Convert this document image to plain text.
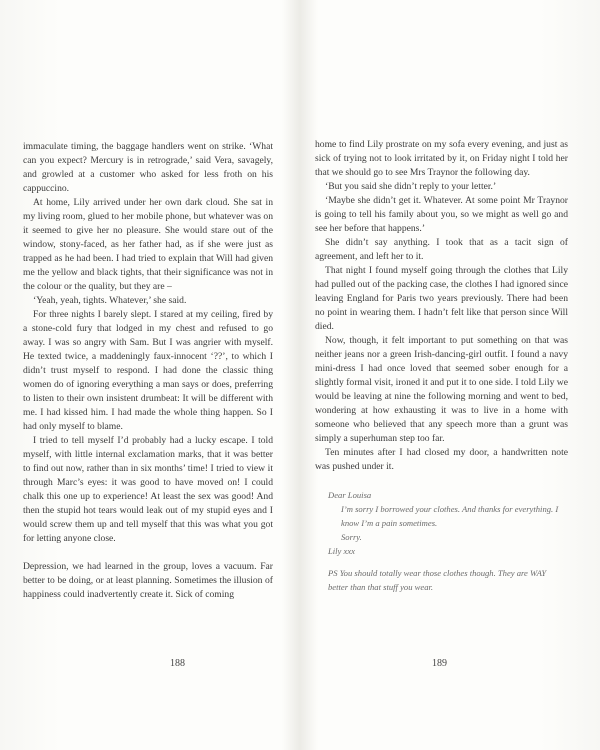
immaculate timing, the baggage handlers went on strike. ‘What can you expect? Mercury is in retrograde,’ said Vera, savagely, and growled at a customer who asked for less froth on his cappuccino.

At home, Lily arrived under her own dark cloud. She sat in my living room, glued to her mobile phone, but whatever was on it seemed to give her no pleasure. She would stare out of the window, stony-faced, as her father had, as if she were just as trapped as he had been. I had tried to explain that Will had given me the yellow and black tights, that their significance was not in the colour or the quality, but they are –

‘Yeah, yeah, tights. Whatever,’ she said.

For three nights I barely slept. I stared at my ceiling, fired by a stone-cold fury that lodged in my chest and refused to go away. I was so angry with Sam. But I was angrier with myself. He texted twice, a maddeningly faux-innocent ‘??’, to which I didn’t trust myself to respond. I had done the classic thing women do of ignoring everything a man says or does, preferring to listen to their own insistent drumbeat: It will be different with me. I had kissed him. I had made the whole thing happen. So I had only myself to blame.

I tried to tell myself I’d probably had a lucky escape. I told myself, with little internal exclamation marks, that it was better to find out now, rather than in six months’ time! I tried to view it through Marc’s eyes: it was good to have moved on! I could chalk this one up to experience! At least the sex was good! And then the stupid hot tears would leak out of my stupid eyes and I would screw them up and tell myself that this was what you got for letting anyone close.

Depression, we had learned in the group, loves a vacuum. Far better to be doing, or at least planning. Sometimes the illusion of happiness could inadvertently create it. Sick of coming

188

home to find Lily prostrate on my sofa every evening, and just as sick of trying not to look irritated by it, on Friday night I told her that we should go to see Mrs Traynor the following day.

‘But you said she didn’t reply to your letter.’

‘Maybe she didn’t get it. Whatever. At some point Mr Traynor is going to tell his family about you, so we might as well go and see her before that happens.’

She didn’t say anything. I took that as a tacit sign of agreement, and left her to it.

That night I found myself going through the clothes that Lily had pulled out of the packing case, the clothes I had ignored since leaving England for Paris two years previously. There had been no point in wearing them. I hadn’t felt like that person since Will died.

Now, though, it felt important to put something on that was neither jeans nor a green Irish-dancing-girl outfit. I found a navy mini-dress I had once loved that seemed sober enough for a slightly formal visit, ironed it and put it to one side. I told Lily we would be leaving at nine the following morning and went to bed, wondering at how exhausting it was to live in a home with someone who believed that any speech more than a grunt was simply a superhuman step too far.

Ten minutes after I had closed my door, a handwritten note was pushed under it.

Dear Louisa
I’m sorry I borrowed your clothes. And thanks for everything. I know I’m a pain sometimes.
Sorry.
Lily xxx
PS You should totally wear those clothes though. They are WAY better than that stuff you wear.
189
